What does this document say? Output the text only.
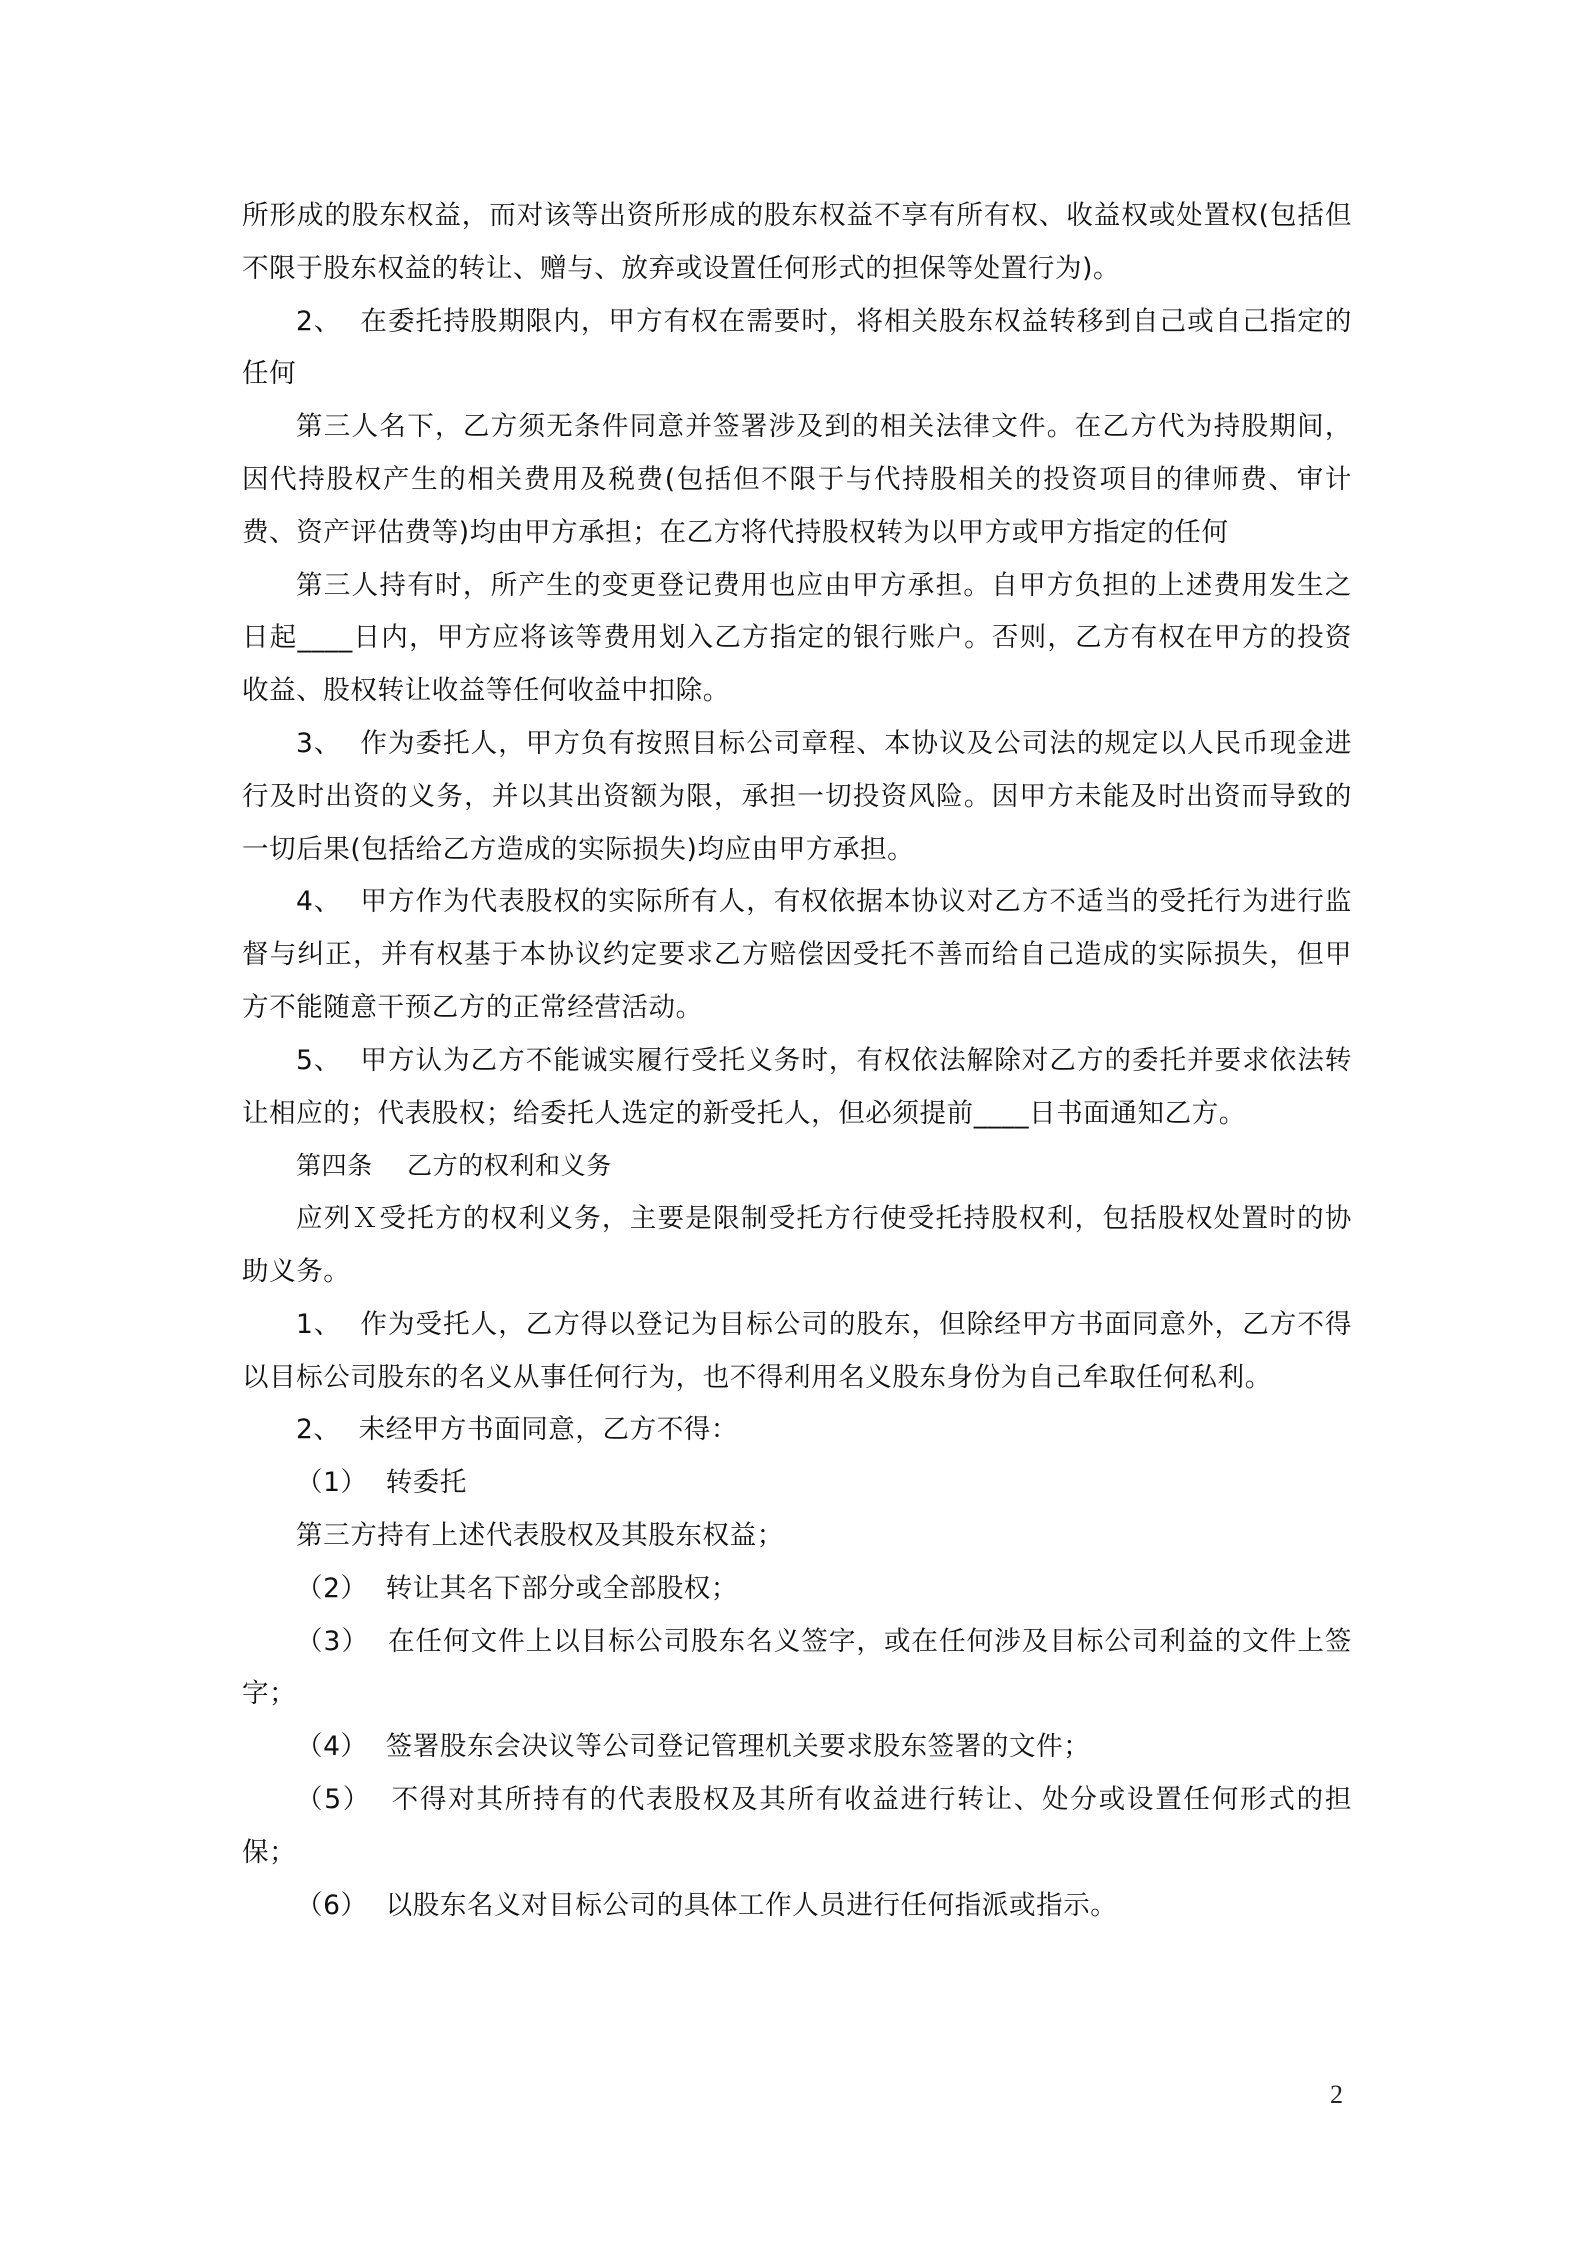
所形成的股东权益，而对该等出资所形成的股东权益不享有所有权、收益权或处置权(包括但不限于股东权益的转让、赠与、放弃或设置任何形式的担保等处置行为)。

2、  在委托持股期限内，甲方有权在需要时，将相关股东权益转移到自己或自己指定的任何

第三人名下，乙方须无条件同意并签署涉及到的相关法律文件。在乙方代为持股期间，因代持股权产生的相关费用及税费(包括但不限于与代持股相关的投资项目的律师费、审计费、资产评估费等)均由甲方承担；在乙方将代持股权转为以甲方或甲方指定的任何

第三人持有时，所产生的变更登记费用也应由甲方承担。自甲方负担的上述费用发生之日起____日内，甲方应将该等费用划入乙方指定的银行账户。否则，乙方有权在甲方的投资收益、股权转让收益等任何收益中扣除。

3、  作为委托人，甲方负有按照目标公司章程、本协议及公司法的规定以人民币现金进行及时出资的义务，并以其出资额为限，承担一切投资风险。因甲方未能及时出资而导致的一切后果(包括给乙方造成的实际损失)均应由甲方承担。

4、  甲方作为代表股权的实际所有人，有权依据本协议对乙方不适当的受托行为进行监督与纠正，并有权基于本协议约定要求乙方赔偿因受托不善而给自己造成的实际损失，但甲方不能随意干预乙方的正常经营活动。

5、  甲方认为乙方不能诚实履行受托义务时，有权依法解除对乙方的委托并要求依法转让相应的；代表股权；给委托人选定的新受托人，但必须提前____日书面通知乙方。

第四条    乙方的权利和义务

应列Ｘ受托方的权利义务，主要是限制受托方行使受托持股权利，包括股权处置时的协助义务。

1、  作为受托人，乙方得以登记为目标公司的股东，但除经甲方书面同意外，乙方不得以目标公司股东的名义从事任何行为，也不得利用名义股东身份为自己牟取任何私利。

2、  未经甲方书面同意，乙方不得：

（1）  转委托

第三方持有上述代表股权及其股东权益；

（2）  转让其名下部分或全部股权；

（3）  在任何文件上以目标公司股东名义签字，或在任何涉及目标公司利益的文件上签字；

（4）  签署股东会决议等公司登记管理机关要求股东签署的文件；

（5）  不得对其所持有的代表股权及其所有收益进行转让、处分或设置任何形式的担保；

（6）  以股东名义对目标公司的具体工作人员进行任何指派或指示。

2
